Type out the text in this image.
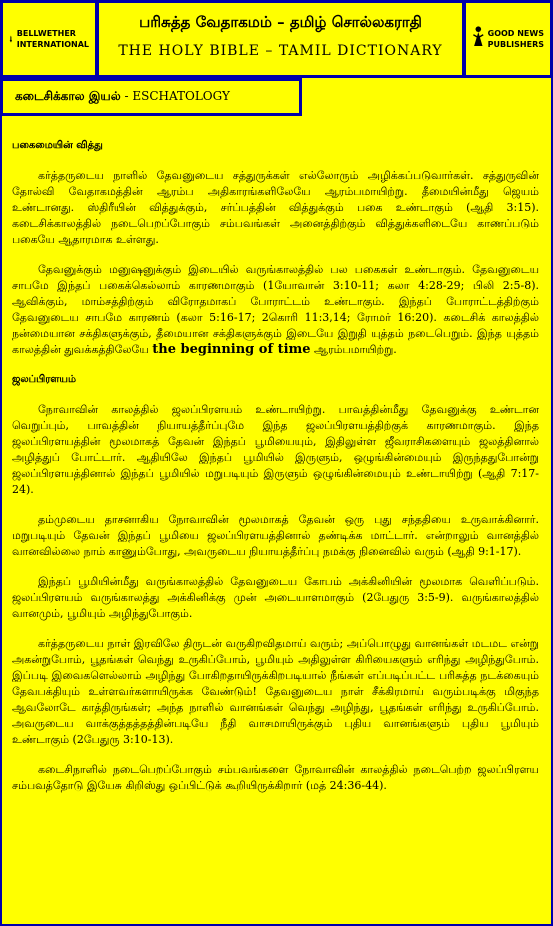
BELLWETHER
INTERNATIONAL
பரிசுத்த வேதாகமம் – தமிழ் சொல்லகராதி
THE HOLY BIBLE – TAMIL DICTIONARY
GOOD NEWS
PUBLISHERS
கடைசிக்கால இயல் - ESCHATOLOGY
பகைமையின் வித்து

கர்த்தருடைய நாளில் தேவனுடைய சத்துருக்கள் எல்லோரும் அழிக்கப்படுவார்கள். சத்துருவின் தோல்வி வேதாகமத்தின் ஆரம்ப அதிகாரங்களிலேயே ஆரம்பமாயிற்று. தீமையின்மீது ஜெயம் உண்டானது. ஸ்திரீயின் வித்துக்கும், சர்ப்பத்தின் வித்துக்கும் பகை உண்டாகும் (ஆதி 3:15). கடைசிக்காலத்தில் நடைபெறப்போகும் சம்பவங்கள் அனைத்திற்கும் வித்துக்களிடையே காணப்படும் பகையே ஆதாரமாக உள்ளது.

தேவனுக்கும் மனுஷனுக்கும் இடையில் வருங்காலத்தில் பல பகைகள் உண்டாகும். தேவனுடைய சாபமே இந்தப் பகைக்கெல்லாம் காரணமாகும் (1யோவான் 3:10-11; கலா 4:28-29; பிலி 2:5-8). ஆவிக்கும், மாம்சத்திற்கும் விரோதமாகப் போராட்டம் உண்டாகும். இந்தப் போராட்டத்திற்கும் தேவனுடைய சாபமே காரணம் (கலா 5:16-17; 2கொரி 11:3,14; ரோமர் 16:20). கடைசிக் காலத்தில் நன்மையான சக்திகளுக்கும், தீமையான சக்திகளுக்கும் இடையே இறுதி யுத்தம் நடைபெறும். இந்த யுத்தம் காலத்தின் துவக்கத்திலேயே the beginning of time ஆரம்பமாயிற்று.

ஜலப்பிரளயம்

நோவாவின் காலத்தில் ஜலப்பிரளயம் உண்டாயிற்று. பாவத்தின்மீது தேவனுக்கு உண்டான வெறுப்பும், பாவத்தின் நியாயத்தீர்ப்புமே இந்த ஜலப்பிரளயத்திற்குக் காரணமாகும். இந்த ஜலப்பிரளயத்தின் மூலமாகத் தேவன் இந்தப் பூமியையும், இதிலுள்ள ஜீவராசிகளையும் ஜலத்தினால் அழித்துப் போட்டார். ஆதியிலே இந்தப் பூமியில் இருளும், ஒழுங்கின்மையும் இருந்ததுபோன்று ஜலப்பிரளயத்தினால் இந்தப் பூமியில் மறுபடியும் இருளும் ஒழுங்கின்மையும் உண்டாயிற்று (ஆதி 7:17-24).

தம்முடைய தாசனாகிய நோவாவின் மூலமாகத் தேவன் ஒரு புது சந்ததியை உருவாக்கினார். மறுபடியும் தேவன் இந்தப் பூமியை ஜலப்பிரளயத்தினால் தண்டிக்க மாட்டார். என்றாலும் வானத்தில் வானவில்லை நாம் காணும்போது, அவருடைய நியாயத்தீர்ப்பு நமக்கு நினைவில் வரும் (ஆதி 9:1-17).

இந்தப் பூமியின்மீது வருங்காலத்தில் தேவனுடைய கோபம் அக்கினியின் மூலமாக வெளிப்படும். ஜலப்பிரளயம் வருங்காலத்து அக்கினிக்கு முன் அடையாளமாகும் (2பேதுரு 3:5-9). வருங்காலத்தில் வானமும், பூமியும் அழிந்துபோகும்.

கர்த்தருடைய நாள் இரவிலே திருடன் வருகிறவிதமாய் வரும்; அப்பொழுது வானங்கள் மடமட என்று அகன்றுபோம், பூதங்கள் வெந்து உருகிப்போம், பூமியும் அதிலுள்ள கிரியைகளும் எரிந்து அழிந்துபோம். இப்படி இவைகளெல்லாம் அழிந்து போகிறதாயிருக்கிறபடியால் நீங்கள் எப்படிப்பட்ட பரிசுத்த நடக்கையும் தேவபக்தியும் உள்ளவர்களாயிருக்க வேண்டும்! தேவனுடைய நாள் சீக்கிரமாய் வரும்படிக்கு மிகுந்த ஆவலோடே காத்திருங்கள்; அந்த நாளில் வானங்கள் வெந்து அழிந்து, பூதங்கள் எரிந்து உருகிப்போம். அவருடைய வாக்குத்தத்தத்தின்படியே நீதி வாசமாயிருக்கும் புதிய வானங்களும் புதிய பூமியும் உண்டாகும் (2பேதுரு 3:10-13).

கடைசிநாளில் நடைபெறப்போகும் சம்பவங்களை நோவாவின் காலத்தில் நடைபெற்ற ஜலப்பிரளய சம்பவத்தோடு இயேசு கிறிஸ்து ஒப்பிட்டுக் கூறியிருக்கிறார் (மத் 24:36-44).
